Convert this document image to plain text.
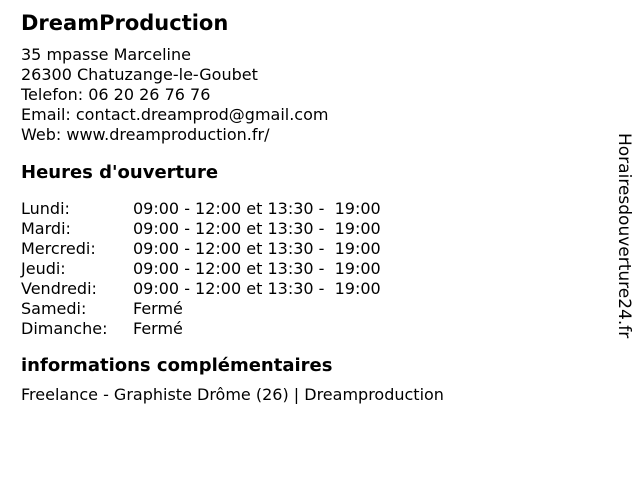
DreamProduction
35 mpasse Marceline
26300 Chatuzange-le-Goubet
Telefon: 06 20 26 76 76
Email: contact.dreamprod@gmail.com
Web: www.dreamproduction.fr/
Heures d'ouverture
Lundi:	09:00 - 12:00 et 13:30 -  19:00
Mardi:	09:00 - 12:00 et 13:30 -  19:00
Mercredi:	09:00 - 12:00 et 13:30 -  19:00
Jeudi:	09:00 - 12:00 et 13:30 -  19:00
Vendredi:	09:00 - 12:00 et 13:30 -  19:00
Samedi:	Fermé
Dimanche:	Fermé
informations complémentaires
Freelance - Graphiste Drôme (26) | Dreamproduction
Horairesdouverture24.fr
